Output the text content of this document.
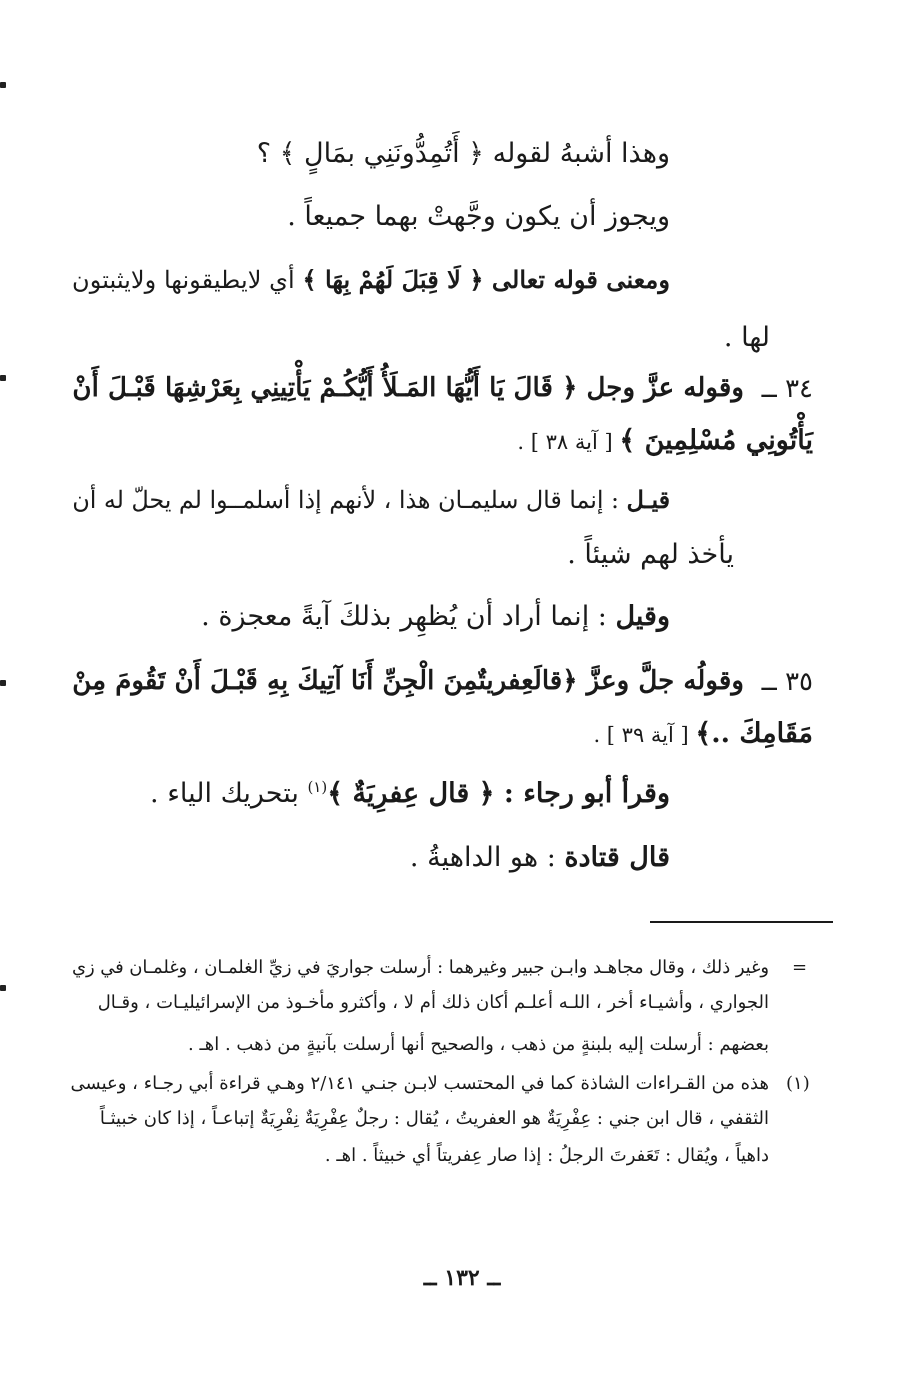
وهذا أشبهُ لقوله ﴿ أَتُمِدُّونَنِي بمَالٍ ﴾ ؟
ويجوز أن يكون وجَّهتْ بهما جميعاً .
ومعنى قوله تعالى ﴿ لَا قِبَلَ لَهُمْ بِهَا ﴾ أي لايطيقونها ولايثبتون
لها .
٣٤ ــ
وقوله عزَّ وجل ﴿ قَالَ يَا أَيُّهَا المَـلَأُ أَيُّكُـمْ يَأْتِينِي بِعَرْشِهَا قَبْـلَ أَنْ
يَأْتُونِي مُسْلِمِينَ ﴾ [ آية ٣٨ ] .
قيـل : إنما قال سليمـان هذا ، لأنهم إذا أسلمــوا لم يحلّ له أن
يأخذ لهم شيئاً .
وقيل : إنما أراد أن يُظهِر بذلكَ آيةً معجزة .
٣٥ ــ
وقولُه جلَّ وعزَّ ﴿قالَعِفريتٌمِنَ الْجِنِّ أَنَا آتِيكَ بِهِ قَبْـلَ أَنْ تَقُومَ مِنْ
مَقَامِكَ ..﴾ [ آية ٣٩ ] .
وقرأ أبو رجاء : ﴿ قال عِفرِيَةٌ ﴾$^{(١)}$ بتحريك الياء .
قال قتادة : هو الداهيةُ .
=
وغير ذلك ، وقال مجاهـد وابـن جبير وغيرهما : أرسلت جواريَ في زيِّ الغلمـان ، وغلمـان في زي
الجواري ، وأشيـاء أخر ، اللـه أعلـم أكان ذلك أم لا ، وأكثرو مأخـوذ من الإسرائيليـات ، وقـال
بعضهم : أرسلت إليه بلبنةٍ من ذهب ، والصحيح أنها أرسلت بآنيةٍ من ذهب . اهـ .
(١)
هذه من القـراءات الشاذة كما في المحتسب لابـن جنـي ٢/١٤١ وهـي قراءة أبي رجـاء ، وعيسى
الثقفي ، قال ابن جني : عِفْرِيَةٌ هو العفريتُ ، يُقال : رجلٌ عِفْرِيَةٌ نِفْرِيَةٌ إتباعـاً ، إذا كان خبيثـاً
داهياً ، ويُقال : تَعَفرتَ الرجلُ : إذا صار عِفريتاً أي خبيثاً . اهـ .
ــ ١٣٢ ــ
